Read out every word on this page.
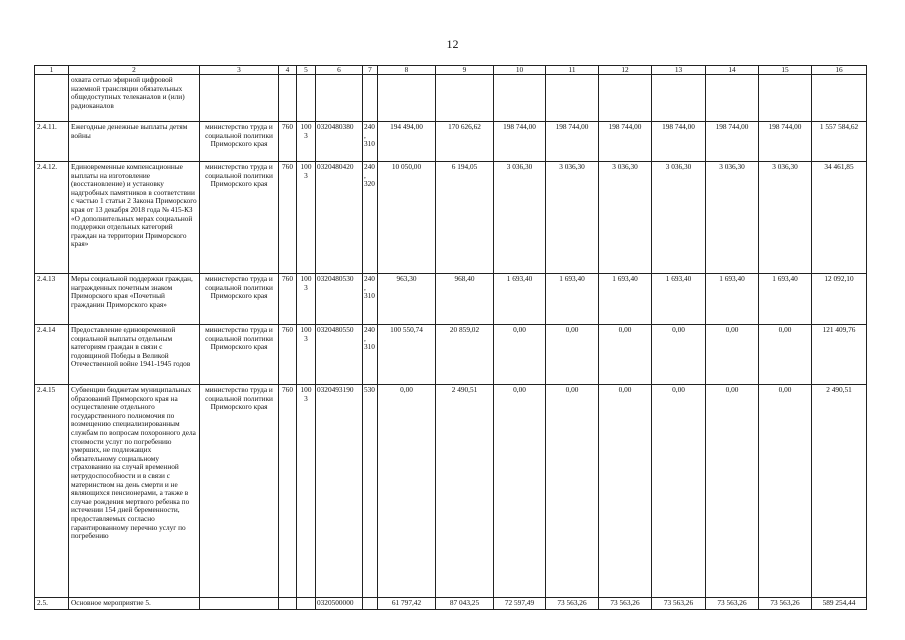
12
1	2	3	4	5	6	7	8	9	10	11	12	13	14	15	16
	охвата сетью эфирной цифровой наземной трансляции обязательных общедоступных телеканалов и (или) радиоканалов														
2.4.11.	Ежегодные денежные выплаты детям войны	министерство труда и социальной политики Приморского края	760	1003	0320480380	240, 310	194 494,00	170 626,62	198 744,00	198 744,00	198 744,00	198 744,00	198 744,00	198 744,00	1 557 584,62
2.4.12.	Единовременные компенсационные выплаты на изготовление (восстановление) и установку надгробных памятников в соответствии с частью 1 статьи 2 Закона Приморского края от 13 декабря 2018 года № 415-КЗ «О дополнительных мерах социальной поддержки отдельных категорий граждан на территории Приморского края»	министерство труда и социальной политики Приморского края	760	1003	0320480420	240, 320	10 050,00	6 194,05	3 036,30	3 036,30	3 036,30	3 036,30	3 036,30	3 036,30	34 461,85
2.4.13	Меры социальной поддержки граждан, награжденных почетным знаком Приморского края «Почетный гражданин Приморского края»	министерство труда и социальной политики Приморского края	760	1003	0320480530	240, 310	963,30	968,40	1 693,40	1 693,40	1 693,40	1 693,40	1 693,40	1 693,40	12 092,10
2.4.14	Предоставление единовременной социальной выплаты отдельным категориям граждан в связи с годовщиной Победы в Великой Отечественной войне 1941-1945 годов	министерство труда и социальной политики Приморского края	760	1003	0320480550	240, 310	100 550,74	20 859,02	0,00	0,00	0,00	0,00	0,00	0,00	121 409,76
2.4.15	Субвенции бюджетам муниципальных образований Приморского края на осуществление отдельного государственного полномочия по возмещению специализированным службам по вопросам похоронного дела стоимости услуг по погребению умерших, не подлежащих обязательному социальному страхованию на случай временной нетрудоспособности и в связи с материнством на день смерти и не являющихся пенсионерами, а также в случае рождения мертвого ребенка по истечении 154 дней беременности, предоставляемых согласно гарантированному перечню услуг по погребению	министерство труда и социальной политики Приморского края	760	1003	0320493190	530	0,00	2 490,51	0,00	0,00	0,00	0,00	0,00	0,00	2 490,51
2.5.	Основное мероприятие 5.				0320500000		61 797,42	87 043,25	72 597,49	73 563,26	73 563,26	73 563,26	73 563,26	73 563,26	589 254,44
